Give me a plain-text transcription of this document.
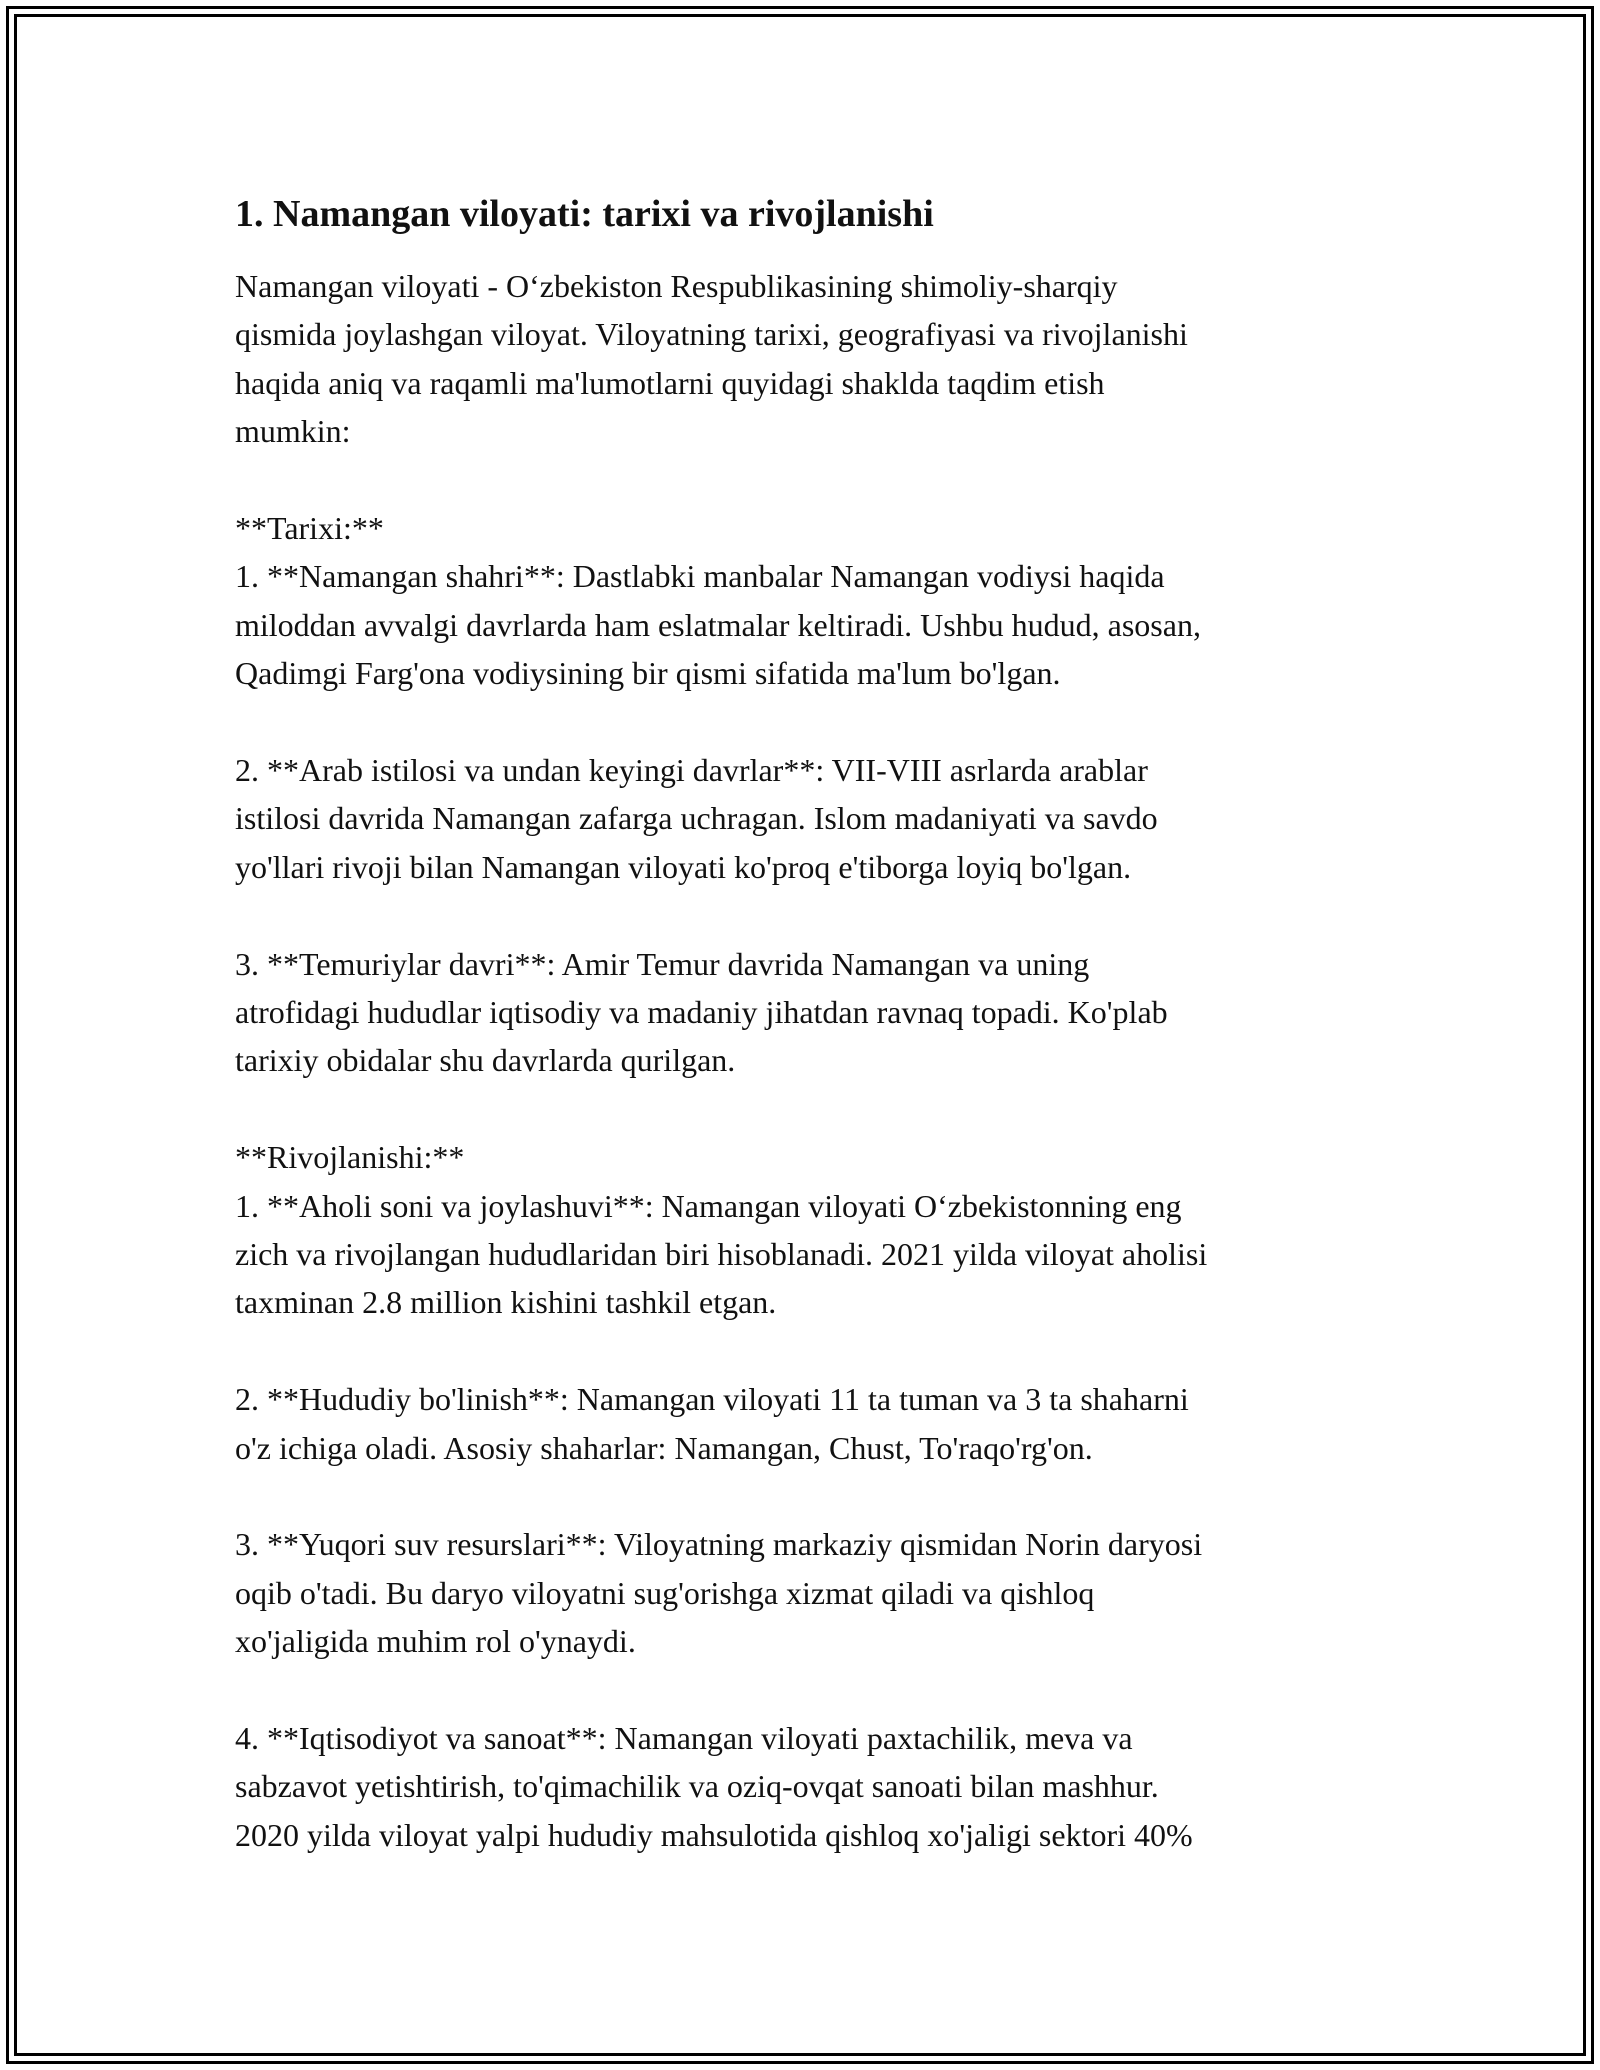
1. Namangan viloyati: tarixi va rivojlanishi
Namangan viloyati - O‘zbekiston Respublikasining shimoliy-sharqiy
qismida joylashgan viloyat. Viloyatning tarixi, geografiyasi va rivojlanishi
haqida aniq va raqamli ma'lumotlarni quyidagi shaklda taqdim etish
mumkin:
**Tarixi:**
1. **Namangan shahri**: Dastlabki manbalar Namangan vodiysi haqida
miloddan avvalgi davrlarda ham eslatmalar keltiradi. Ushbu hudud, asosan,
Qadimgi Farg'ona vodiysining bir qismi sifatida ma'lum bo'lgan.
2. **Arab istilosi va undan keyingi davrlar**: VII-VIII asrlarda arablar
istilosi davrida Namangan zafarga uchragan. Islom madaniyati va savdo
yo'llari rivoji bilan Namangan viloyati ko'proq e'tiborga loyiq bo'lgan.
3. **Temuriylar davri**: Amir Temur davrida Namangan va uning
atrofidagi hududlar iqtisodiy va madaniy jihatdan ravnaq topadi. Ko'plab
tarixiy obidalar shu davrlarda qurilgan.
**Rivojlanishi:**
1. **Aholi soni va joylashuvi**: Namangan viloyati O‘zbekistonning eng
zich va rivojlangan hududlaridan biri hisoblanadi. 2021 yilda viloyat aholisi
taxminan 2.8 million kishini tashkil etgan.
2. **Hududiy bo'linish**: Namangan viloyati 11 ta tuman va 3 ta shaharni
o'z ichiga oladi. Asosiy shaharlar: Namangan, Chust, To'raqo'rg'on.
3. **Yuqori suv resurslari**: Viloyatning markaziy qismidan Norin daryosi
oqib o'tadi. Bu daryo viloyatni sug'orishga xizmat qiladi va qishloq
xo'jaligida muhim rol o'ynaydi.
4. **Iqtisodiyot va sanoat**: Namangan viloyati paxtachilik, meva va
sabzavot yetishtirish, to'qimachilik va oziq-ovqat sanoati bilan mashhur.
2020 yilda viloyat yalpi hududiy mahsulotida qishloq xo'jaligi sektori 40%
